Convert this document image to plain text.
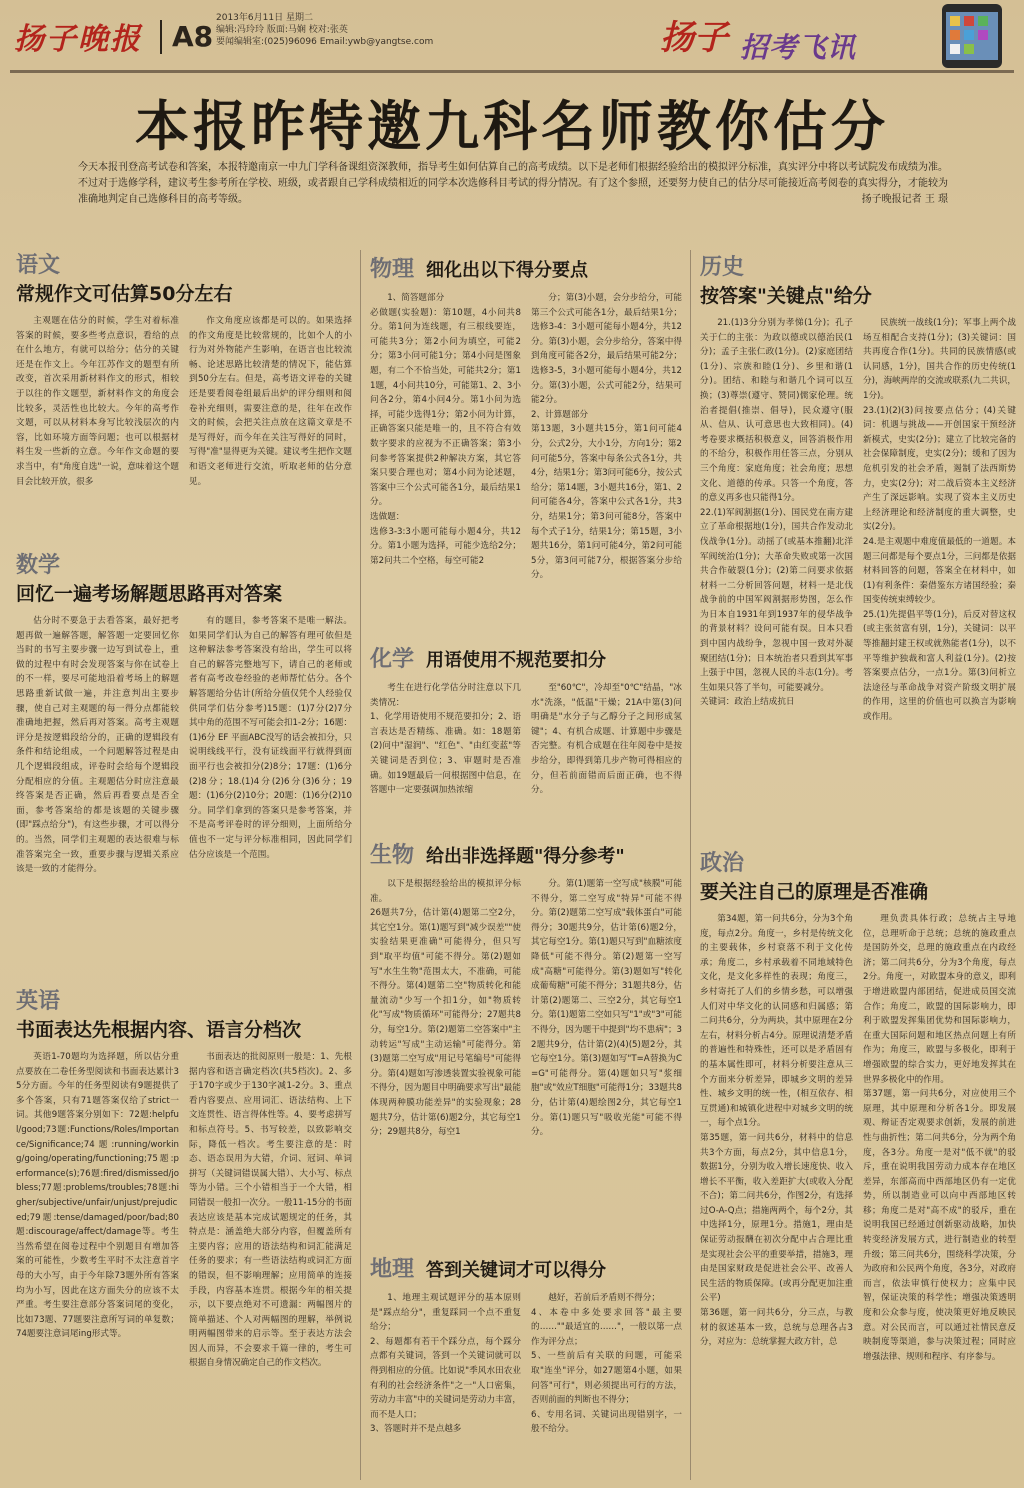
扬子晚报	A8
2013年6月11日 星期二
编辑:冯玲玲 版面:马娴 校对:张英
要闻编辑室:(025)96096 Email:ywb@yangtse.com	扬子 招考飞讯
本报昨特邀九科名师教你估分
今天本报刊登高考试卷和答案，本报特邀南京一中九门学科备课组资深教师，指导考生如何估算自己的高考成绩。以下是老师们根据经验给出的模拟评分标准，真实评分中将以考试院发布成绩为准。不过对于选修学科，建议考生参考所在学校、班级，或者跟自己学科成绩相近的同学本次选修科目考试的得分情况。有了这个参照，还要努力使自己的估分尽可能接近高考阅卷的真实得分，才能较为准确地判定自己选修科目的高考等级。	扬子晚报记者 王 璟
语文
常规作文可估算50分左右

主观题在估分的时候，学生对着标准答案的时候，要多些考点意识，看给的点在什么地方，有就可以给分；估分的关键还是在作文上。今年江苏作文的题型有所改变，首次采用新材料作文的形式，相较于以往的作文题型，新材料作文的角度会比较多，灵活性也比较大。今年的高考作文题，可以从材料本身写比较浅层次的内容，比如环境方面等问题；也可以根据材料生发一些新的立意。今年作文命题的要求当中，有"角度自选"一说，意味着这个题目会比较开放，很多

作文角度应该都是可以的。如果选择的作文角度是比较常规的，比如个人的小行为对外物能产生影响，在语言也比较流畅、论述思路比较清楚的情况下，能估算到50分左右。但是，高考语文评卷的关键还是要看阅卷组最后出炉的评分细则和阅卷补充细则，需要注意的是，往年在改作文的时候，会把关注点放在这篇文章是不是写得好，而今年在关注写得好的同时，写得"准"显得更为关键。建议考生把作文题和语文老师进行交流，听取老师的估分意见。

数学
回忆一遍考场解题思路再对答案

估分时不要急于去看答案，最好把考题再做一遍解答题，解答题一定要回忆你当时的书写主要步骤一边写到试卷上，重做的过程中有时会发现答案与你在试卷上的不一样，要尽可能地沿着考场上的解题思路重新试做一遍，并注意判出主要步骤，使自己对主观题的每一得分点都能较准确地把握，然后再对答案。高考主观题评分是按逻辑段给分的，正确的逻辑段有条件和结论组成，一个问题解答过程是由几个逻辑段组成，评卷时会给每个逻辑段分配相应的分值。主观题估分时应注意最终答案是否正确，然后再看要点是否全面，参考答案给的都是该题的关键步骤(即"踩点给分")，有这些步骤，才可以得分的。当然，同学们主观题的表达很难与标准答案完全一致，重要步骤与逻辑关系应该是一致的才能得分。

有的题目，参考答案不是唯一解法。如果同学们认为自己的解答有理可依但是这种解法参考答案没有给出，学生可以将自己的解答完整地写下，请自己的老师或者有高考改卷经验的老师帮忙估分。各个解答题给分估计(所给分值仅凭个人经验仅供同学们估分参考)15题：(1)7分(2)7分 其中角的范围不写可能会扣1-2分；16题：(1)6分 EF 平面ABC没写的话会被扣分，只说明线线平行，没有证线面平行就得到面面平行也会被扣分(2)8分；17题：(1)6分(2)8分；18.(1)4分(2)6分(3)6分；19题：(1)6分(2)10分；20题：(1)6分(2)10分。同学们拿到的答案只是参考答案，并不是高考评卷时的评分细则，上面所给分值也不一定与评分标准相同，因此同学们估分应该是一个范围。

英语
书面表达先根据内容、语言分档次

英语1-70题均为选择题，所以估分重点要放在二卷任务型阅读和书面表达累计35分方面。今年的任务型阅读有9题提供了多个答案，只有71题答案仅给了strict一词。其他9题答案分别如下：72题:helpful/good;73题:Functions/Roles/Importance/Significance;74题:running/working/going/operating/functioning;75题:performance(s);76题:fired/dismissed/jobless;77题:problems/troubles;78题:higher/subjective/unfair/unjust/prejudiced;79题:tense/damaged/poor/bad;80题:discourage/affect/damage等。考生当然希望在阅卷过程中个别题目有增加答案的可能性，少数考生平时不太注意首字母的大小写，由于今年除73题外所有答案均为小写，因此在这方面失分的应该不太严重。考生要注意部分答案词尾的变化，比如73题、77题要注意所写词的单复数；74题要注意词尾ing形式等。

书面表达的批阅原则一般是：1、先根据内容和语言确定档次(共5档次)。2、多于170字或少于130字减1-2分。3、重点看内容要点、应用词汇、语法结构、上下文连贯性、语言得体性等。4、要考虑拼写和标点符号。5、书写较差，以致影响交际，降低一档次。考生要注意的是：时态、语态误用为大错，介词、冠词、单词拼写（关键词错误属大错）、大小写、标点等为小错。三个小错相当于一个大错，相同错误一般扣一次分。一般11-15分的书面表达应该是基本完成试题规定的任务，其特点是：涵盖绝大部分内容，但覆盖所有主要内容；应用的语法结构和词汇能满足任务的要求；有一些语法结构或词汇方面的错误，但不影响理解；应用简单的连接手段，内容基本连贯。根据今年的相关提示，以下要点绝对不可遗漏：两幅图片的简单描述、个人对两幅图的理解，举例说明两幅图带来的启示等。至于表达方法会因人而异，不会要求千篇一律的，考生可根据自身情况确定自己的作文档次。

物理 细化出以下得分要点

1、简答题部分
必做题(实验题)：第10题，4小问共8分。第1问为连线题，有三根线要连，可能共3分；第2小问为填空，可能2分；第3小问可能1分；第4小问是图象题，有二个不恰当处，可能共2分；第11题，4小问共10分，可能第1、2、3小问各2分，第4小问4分。第1小问为选择，可能少选得1分；第2小问为计算，正确答案只能是唯一的，且不符合有效数字要求的应视为不正确答案；第3小问参考答案提供2种解决方案，其它答案只要合理也对；第4小问为论述题，答案中三个公式可能各1分，最后结果1分。
选做题：
选修3-3:3小题可能每小题4分，共12分。第1小题为选择，可能少选给2分；第2问共二个空格，每空可能2

分；第(3)小题，会分步给分，可能第三个公式可能各1分，最后结果1分；选修3-4：3小题可能每小题4分，共12分。第(3)小题，会分步给分，答案中得到角度可能各2分，最后结果可能2分；选修3-5，3小题可能每小题4分，共12分。第(3)小题，公式可能2分，结果可能2分。
2、计算题部分
第13题，3小题共15分，第1问可能4分，公式2分，大小1分，方向1分；第2问可能5分，答案中每条公式各1分，共4分，结果1分；第3问可能6分，按公式给分；第14题，3小题共16分，第1、2问可能各4分，答案中公式各1分，共3分，结果1分；第3问可能8分，答案中每个式子1分，结果1分；第15题，3小题共16分，第1问可能4分，第2问可能5分，第3问可能7分，根据答案分步给分。

化学 用语使用不规范要扣分

考生在进行化学估分时注意以下几类情况：
1、化学用语使用不规范要扣分；2、语言表达是否精练、准确。如：18题第(2)问中"湿润"、"红色"、"由红变蓝"等关键词是否到位；3、审题时是否准确。如19题最后一问根据图中信息，在答题中一定要强调加热浓缩

至"60℃"，冷却至"0℃"结晶，"冰水"洗涤，"低温"干燥；21A中第(3)问明确是"水分子与乙醇分子之间形成氢键"；4、有机合成题、计算题中步骤是否完整。有机合成题在往年阅卷中是按步给分，即得到第几步产物可得相应的分，但若前面错而后面正确，也不得分。

生物 给出非选择题"得分参考"

以下是根据经验给出的模拟评分标准。
26题共7分，估计第(4)题第二空2分，其它空1分。第(1)题写到"减少误差""使实验结果更准确"可能得分，但只写到"取平均值"可能不得分。第(2)题如写"水生生物"范围太大，不准确，可能不得分。第(4)题第二空"物质转化和能量流动"少写一个扣1分，如"物质转化"写成"物质循环"可能得分；27题共8分，每空1分。第(2)题第二空答案中"主动转运"写成"主动运输"可能得分。第(3)题第二空写成"用记号笔编号"可能得分。第(4)题如写渗透装置实验视象可能不得分，因为题目中明确要求写出"最能体现两种膜功能差异"的实验现象；28题共7分，估计第(6)题2分，其它每空1分；29题共8分，每空1

分。第(1)题第一空写成"核膜"可能不得分，第二空写成"特异"可能不得分。第(2)题第二空写成"载体蛋白"可能得分；30题共9分，估计第(6)题2分，其它每空1分。第(1)题只写到"血糖浓度降低"可能不得分。第(2)题第一空写成"高糖"可能得分。第(3)题如写"转化成葡萄糖"可能不得分；31题共8分，估计第(2)题第二、三空2分，其它每空1分。第(1)题第二空如只写"1"或"3"可能不得分，因为题干中提到"均不患病"；32题共9分，估计第(2)(4)(5)题2分，其它每空1分。第(3)题如写"T=A替换为C=G"可能得分。第(4)题如只写"浆细胞"或"效应T细胞"可能得1分；33题共8分，估计第(4)题绘图2分，其它每空1分。第(1)题只写"吸收光能"可能不得分。

地理 答到关键词才可以得分

1、地理主观试题评分的基本原则是"踩点给分"，重复踩同一个点不重复给分；
2、每题都有若干个踩分点，每个踩分点都有关键词，答到一个关键词就可以得到相应的分值。比如说"季风水田农业有利的社会经济条件"之一"人口密集，劳动力丰富"中的关键词是劳动力丰富，而不是人口；
3、答题时并不是点越多

越好，若前后矛盾则不得分；
4、本卷中多处要求回答"最主要的……""最适宜的……"，一般以第一点作为评分点；
5、一些前后有关联的问题，可能采取"连坐"评分，如27题第4小题，如果问答"可行"，则必须提出可行的方法，否则前面的判断也不得分；
6、专用名词、关键词出现错别字，一般不给分。

历史
按答案"关键点"给分

21.(1)3分分别为孝悌(1分)；孔子关于仁的主张：为政以德或以德治民(1分)；孟子主张仁政(1分)。(2)家庭团结(1分)、宗族和睦(1分)、乡里和谐(1分)。团结、和睦与和谐几个词可以互换；(3)尊崇(遵守、赞同)儒家伦理。统治者提倡(推崇、倡导)，民众遵守(服从、信从、认可意思也大致相同)。(4)考卷要求概括积极意义，回答消极作用的不给分，积极作用任答三点，分别从三个角度：家庭角度；社会角度；思想文化、道德的传承。只答一个角度，答的意义再多也只能得1分。
22.(1)军阀割据(1分)、国民党在南方建立了革命根据地(1分)，国共合作发动北伐战争(1分)。动摇了(或基本推翻)北洋军阀统治(1分)；大革命失败或第一次国共合作破裂(1分)；(2)第二问要求依据材料一二分析回答问题，材料一是北伐战争前的中国军阀割据形势图，怎么作为日本自1931年到1937年的侵华战争的背景材料？设问可能有误。日本只看到中国内战纷争，忽视中国一致对外凝聚团结(1分)；日本统治者只看到其军事上强于中国，忽视人民的斗志(1分)。考生如果只答了半句，可能要减分。
关键词：政治上结成抗日

民族统一战线(1分)；军事上两个战场互相配合支持(1分)；(3)关键词：国共再度合作(1分)。共同的民族情感(或认同感，1分)，国共合作的历史传统(1分)，海峡两岸的交流或联系(九二共识，1分)。
23.(1)(2)(3)问按要点估分；(4)关键词：机遇与挑战——开创国家干预经济新模式，史实(2分)；建立了比较完备的社会保障制度，史实(2分)；缓和了因为危机引发的社会矛盾，遏制了法西斯势力，史实(2分)；对二战后资本主义经济产生了深远影响。实现了资本主义历史上经济理论和经济制度的重大调整，史实(2分)。
24.是主观题中难度值最低的一道题。本题三问都是每个要点1分，三问都是依据材料回答的问题，答案全在材料中，如(1)有利条件：秦借鉴东方诸国经验；秦国变传统束缚较少。
25.(1)先提倡平等(1分)，后反对替这权(或主张贫富有别，1分)，关键词：以平等推翻封建王权或就熟能者(1分)，以不平等维护独裁和富人利益(1分)。(2)按答案要点估分，一点1分。第(3)问析立法途径与革命战争对资产阶级文明扩展的作用，这里的价值也可以换言为影响或作用。

政治
要关注自己的原理是否准确

第34题，第一问共6分，分为3个角度，每点2分。角度一，乡村是传统文化的主要载体，乡村衰落不利于文化传承；角度二，乡村承载着不同地域特色文化，是文化多样性的表现；角度三，乡村寄托了人们的乡情乡愁，可以增强人们对中华文化的认同感和归属感；第二问共6分，分为两块，其中原理在2分左右，材料分析占4分。原理说清楚矛盾的普遍性和特殊性，还可以是矛盾固有的基本属性即可，材料分析要注意从三个方面来分析差异，即城乡文明的差异性、城乡文明的统一性，(相互依存、相互贯通)和城镇化进程中对城乡文明的统一，每个点1分。
第35题，第一问共6分，材料中的信息共3个方面，每点2分，其中信息1分，数据1分，分别为收入增长速度快、收入增长不平衡，收入差距扩大(或收入分配不合)；第二问共6分，作图2分，有选择过O-A-Q点；措施两两个，每个2分，其中选择1分，原理1分。措施1，理由是保证劳动报酬在初次分配中占合理比重是实现社会公平的重要举措，措施3，理由是国家财政是促进社会公平、改善人民生活的物质保障。(或再分配更加注重公平)
第36题，第一问共6分，分三点，与教材的叙述基本一致，总统与总理各占3分，对应为：总统掌握大政方针，总

理负责具体行政；总统占主导地位，总理听命于总统；总统的施政重点是国防外交，总理的施政重点在内政经济；第二问共6分，分为3个角度，每点2分。角度一，对欧盟本身的意义，即利于增进欧盟内部团结，促进成员国交流合作；角度二，欧盟的国际影响力，即利于欧盟发挥集团优势和国际影响力，在重大国际问题和地区热点问题上有所作为；角度三，欧盟与多极化，即利于增强欧盟的综合实力，更好地发挥其在世界多极化中的作用。
第37题，第一问共6分，对应使用三个原理，其中原理和分析各1分。即发展观、辩证否定观要求创新，发展的前进性与曲折性；第二问共6分，分为两个角度，各3分。角度一是对"低不就"的驳斥，重在说明我国劳动力成本存在地区差异，东部高而中西部地区仍有一定优势，所以制造业可以向中西部地区转移；角度二是对"高不成"的驳斥，重在说明我国已经通过创新驱动战略，加快转变经济发展方式，进行制造业的转型升级；第三问共6分，围绕科学决策，分为政府和公民两个角度，各3分，对政府而言，依法审慎行使权力；应集中民智，保证决策的科学性；增强决策透明度和公众参与度，使决策更好地反映民意。对公民而言，可以通过社情民意反映制度等渠道，参与决策过程；同时应增强法律、规则和程序、有序参与。
